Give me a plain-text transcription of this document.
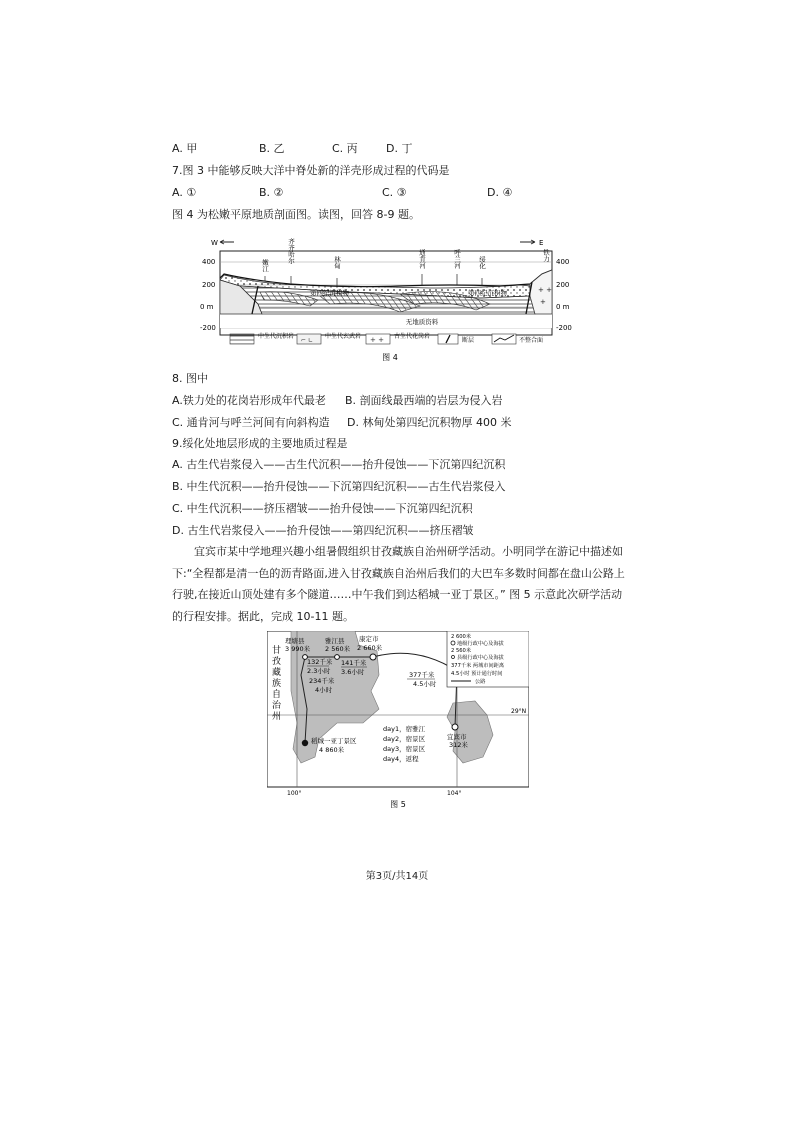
A. 甲	B. 乙	C. 丙	D. 丁
7.图 3 中能够反映大洋中脊处新的洋壳形成过程的代码是
A. ①	B. ②	C. ③	D. ④
图 4 为松嫩平原地质剖面图。读图，回答 8-9 题。
W	E
400
200
0 m
-200
400
200
0 m
-200
无地质资料
+ +
+
第四纪沉积物	第四纪沉积物
嫩江
齐齐哈尔	林甸	通肯河	呼兰河	绥化
铁力
中生代沉积岩
⌐ ∟
中生代玄武岩 + + 古生代花岗岩
断层	不整合面
图 4
8. 图中
A.铁力处的花岗岩形成年代最老 B. 剖面线最西端的岩层为侵入岩
C. 通肯河与呼兰河间有向斜构造 D. 林甸处第四纪沉积物厚 400 米
9.绥化处地层形成的主要地质过程是
A. 古生代岩浆侵入——古生代沉积——抬升侵蚀——下沉第四纪沉积
B. 中生代沉积——抬升侵蚀——下沉第四纪沉积——古生代岩浆侵入
C. 中生代沉积——挤压褶皱——抬升侵蚀——下沉第四纪沉积
D. 古生代岩浆侵入——抬升侵蚀——第四纪沉积——挤压褶皱
宜宾市某中学地理兴趣小组暑假组织甘孜藏族自治州研学活动。小明同学在游记中描述如下:“全程都是清一色的沥青路面,进入甘孜藏族自治州后我们的大巴车多数时间都在盘山公路上行驶,在接近山顶处建有多个隧道……中午我们到达稻城一亚丁景区。” 图 5 示意此次研学活动的行程安排。据此，完成 10-11 题。
29°N
100°	104°
甘孜藏族自治州
理塘县
3 990米
雅江县
2 560米
康定市
2 660米
稻城一亚丁景区
4 860米
宜宾市
312米
132千米
2.3小时
141千米
3.6小时
234千米
4小时
377千米
4.5小时
day1，宿雅江
day2，宿景区
day3，宿景区
day4，返程
2 600米
地级行政中心及海拔
2 560米
县级行政中心及海拔
377千米 两城市间距离
4.5小时 预计通行时间
公路
图 5
第3页/共14页
